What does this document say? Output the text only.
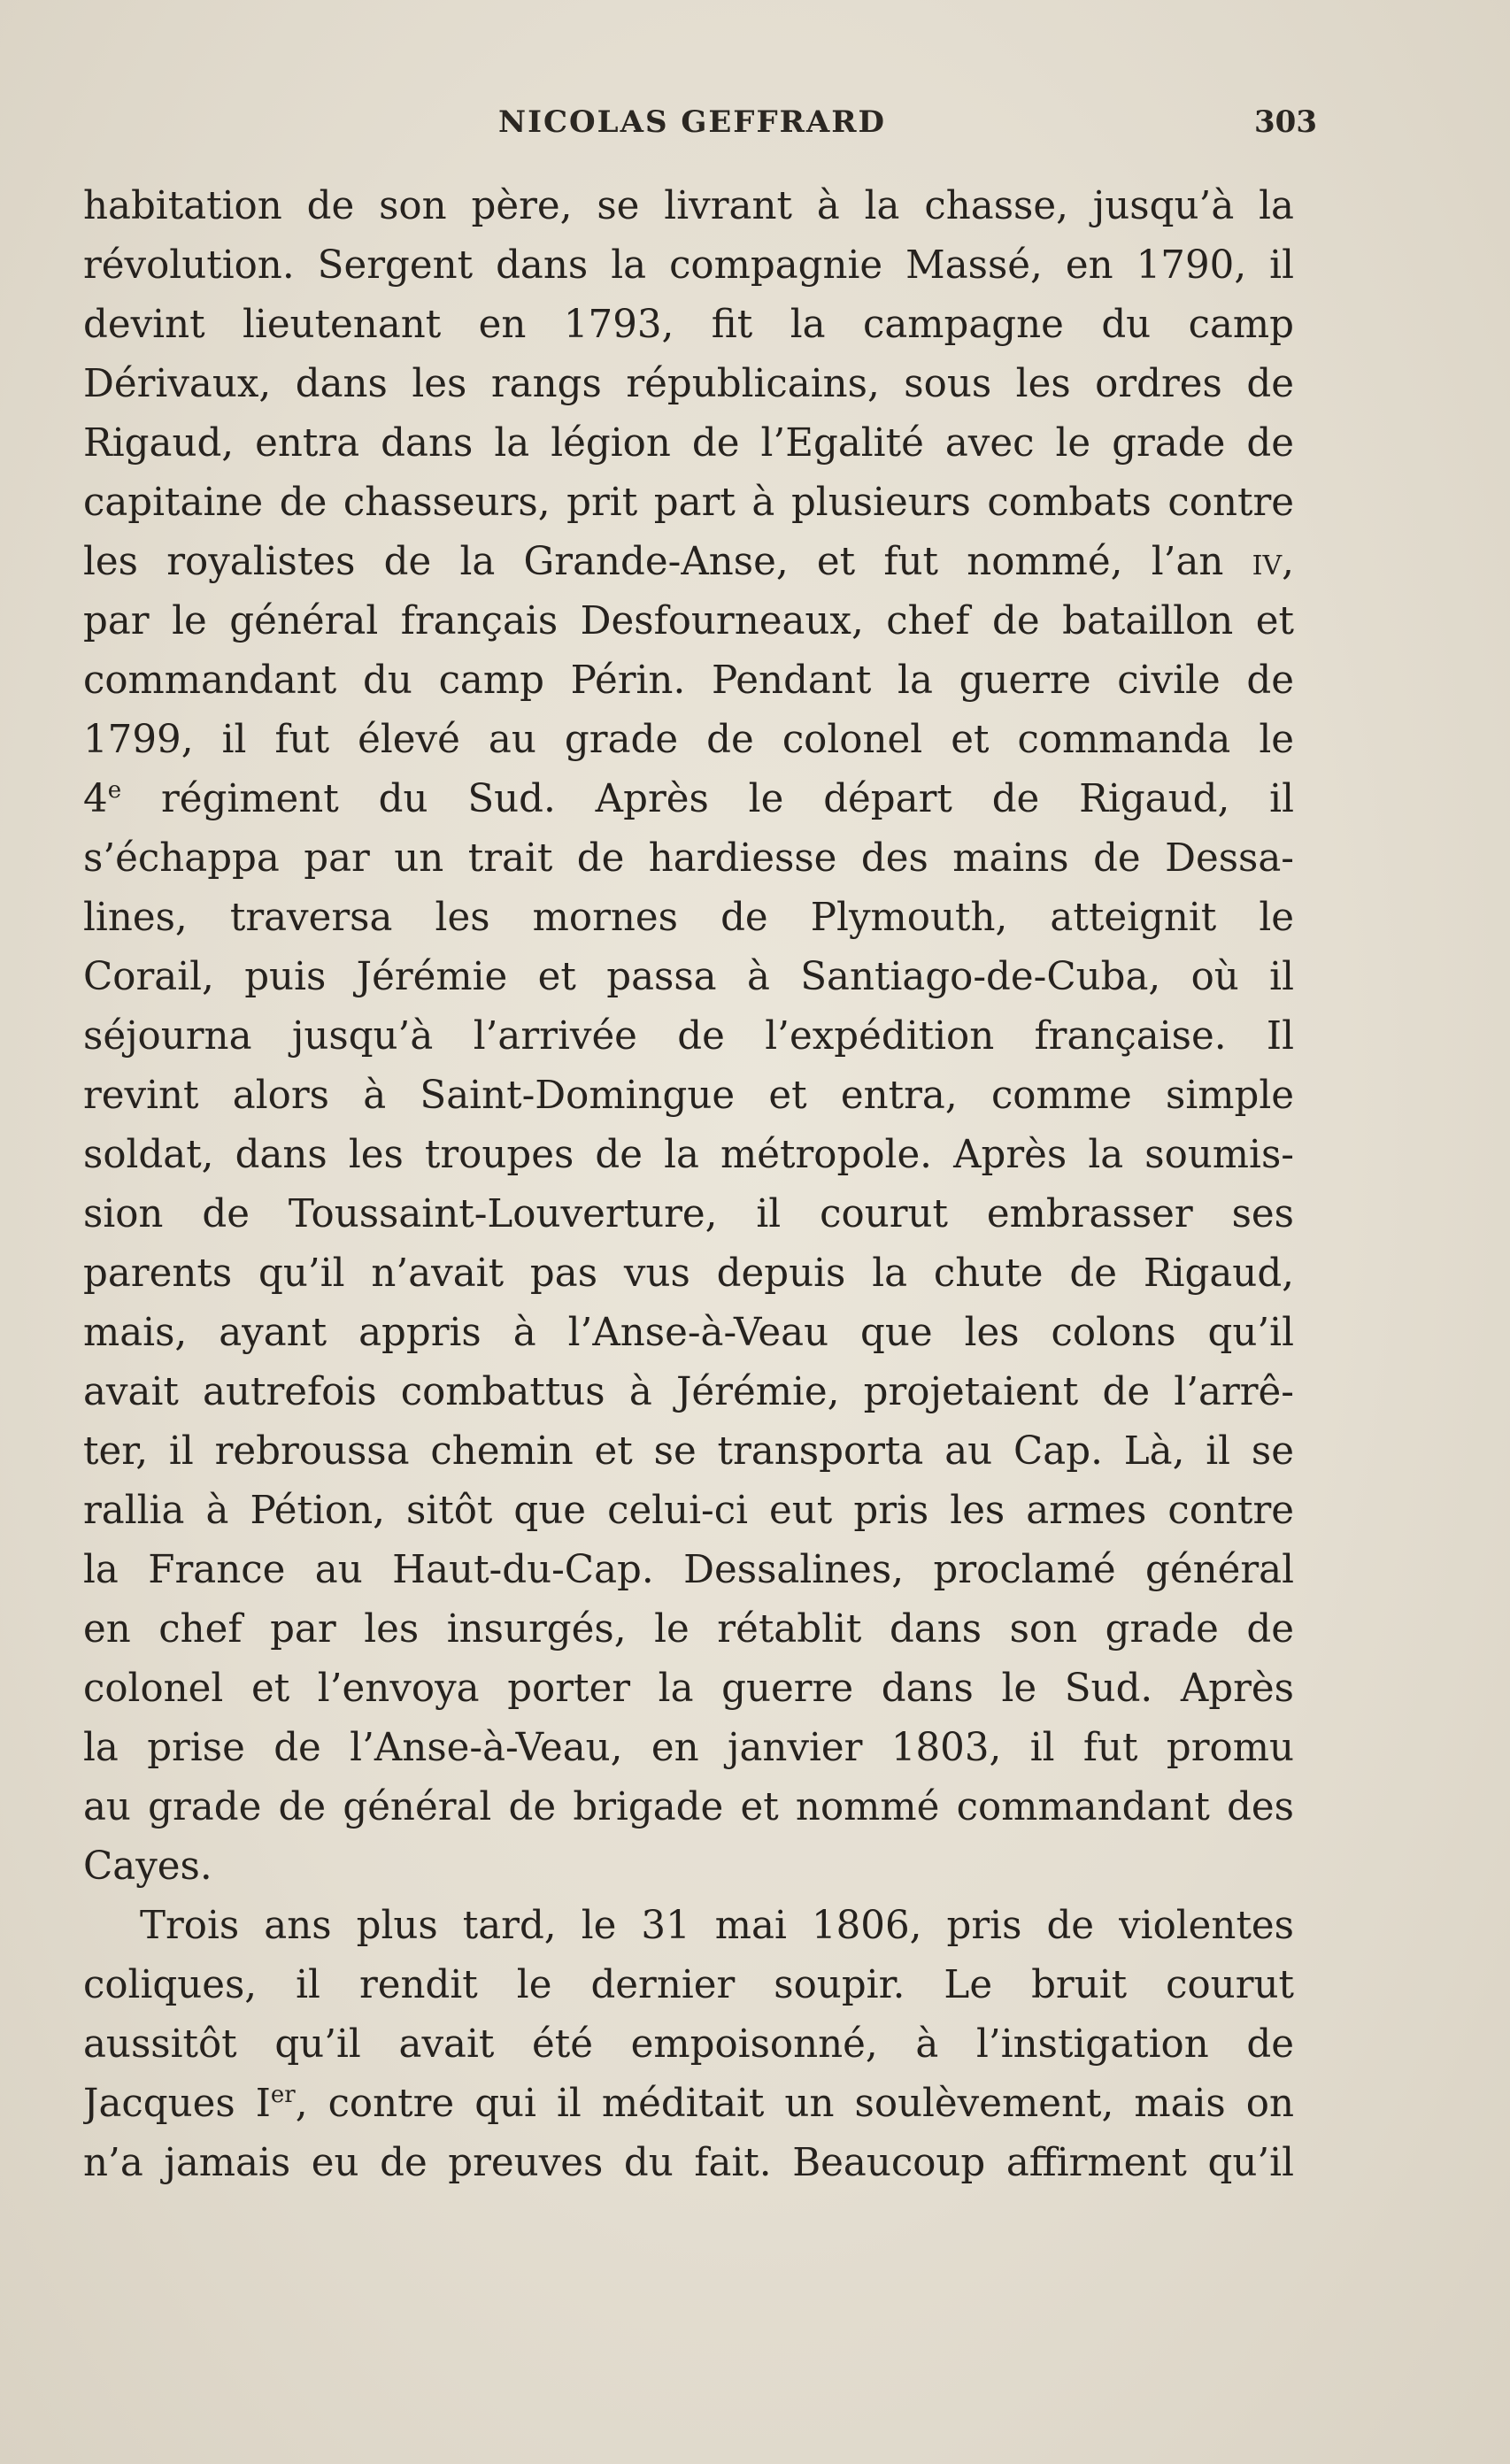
NICOLAS GEFFRARD	303
habitation de son père, se livrant à la chasse, jusqu’à la
révolution. Sergent dans la compagnie Massé, en 1790, il
devint lieutenant en 1793, fit la campagne du camp
Dérivaux, dans les rangs républicains, sous les ordres de
Rigaud, entra dans la légion de l’Egalité avec le grade de
capitaine de chasseurs, prit part à plusieurs combats contre
les royalistes de la Grande-Anse, et fut nommé, l’an iv,
par le général français Desfourneaux, chef de bataillon et
commandant du camp Périn. Pendant la guerre civile de
1799, il fut élevé au grade de colonel et commanda le
4e régiment du Sud. Après le départ de Rigaud, il
s’échappa par un trait de hardiesse des mains de Dessa-
lines, traversa les mornes de Plymouth, atteignit le
Corail, puis Jérémie et passa à Santiago-de-Cuba, où il
séjourna jusqu’à l’arrivée de l’expédition française. Il
revint alors à Saint-Domingue et entra, comme simple
soldat, dans les troupes de la métropole. Après la soumis-
sion de Toussaint-Louverture, il courut embrasser ses
parents qu’il n’avait pas vus depuis la chute de Rigaud,
mais, ayant appris à l’Anse-à-Veau que les colons qu’il
avait autrefois combattus à Jérémie, projetaient de l’arrê-
ter, il rebroussa chemin et se transporta au Cap. Là, il se
rallia à Pétion, sitôt que celui-ci eut pris les armes contre
la France au Haut-du-Cap. Dessalines, proclamé général
en chef par les insurgés, le rétablit dans son grade de
colonel et l’envoya porter la guerre dans le Sud. Après
la prise de l’Anse-à-Veau, en janvier 1803, il fut promu
au grade de général de brigade et nommé commandant des
Cayes.
Trois ans plus tard, le 31 mai 1806, pris de violentes
coliques, il rendit le dernier soupir. Le bruit courut
aussitôt qu’il avait été empoisonné, à l’instigation de
Jacques Ier, contre qui il méditait un soulèvement, mais on
n’a jamais eu de preuves du fait. Beaucoup affirment qu’il
